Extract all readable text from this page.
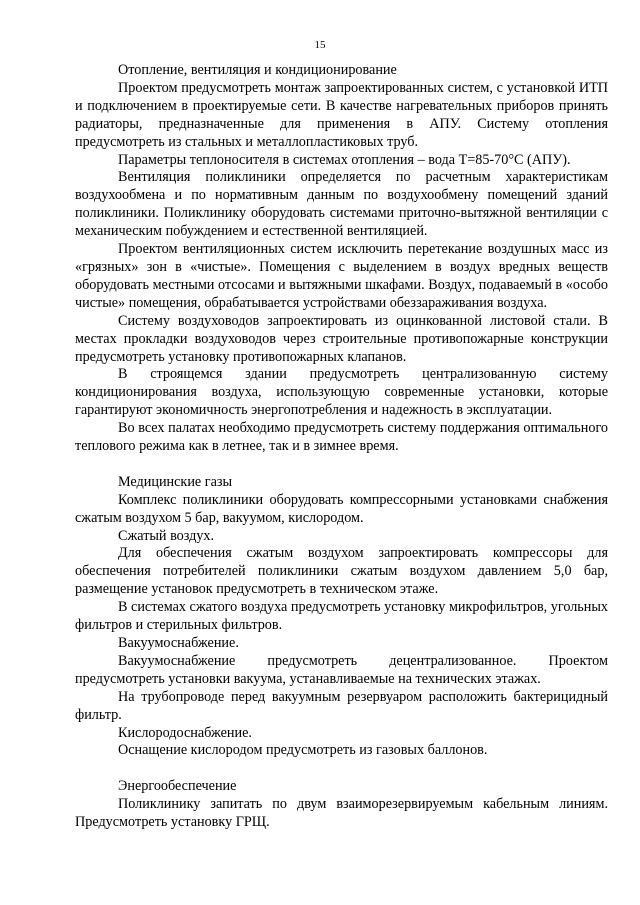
15

Отопление, вентиляция и кондиционирование

Проектом предусмотреть монтаж запроектированных систем, с установкой ИТП и подключением в проектируемые сети. В качестве нагревательных приборов принять радиаторы, предназначенные для применения в АПУ. Систему отопления предусмотреть из стальных и металлопластиковых труб.

Параметры теплоносителя в системах отопления – вода Т=85-70°С (АПУ).

Вентиляция поликлиники определяется по расчетным характеристикам воздухообмена и по нормативным данным по воздухообмену помещений зданий поликлиники. Поликлинику оборудовать системами приточно-вытяжной вентиляции с механическим побуждением и естественной вентиляцией.

Проектом вентиляционных систем исключить перетекание воздушных масс из «грязных» зон в «чистые». Помещения с выделением в воздух вредных веществ оборудовать местными отсосами и вытяжными шкафами. Воздух, подаваемый в «особо чистые» помещения, обрабатывается устройствами обеззараживания воздуха.

Систему воздуховодов запроектировать из оцинкованной листовой стали. В местах прокладки воздуховодов через строительные противопожарные конструкции предусмотреть установку противопожарных клапанов.

В строящемся здании предусмотреть централизованную систему кондиционирования воздуха, использующую современные установки, которые гарантируют экономичность энергопотребления и надежность в эксплуатации.

Во всех палатах необходимо предусмотреть систему поддержания оптимального теплового режима как в летнее, так и в зимнее время.

Медицинские газы

Комплекс поликлиники оборудовать компрессорными установками снабжения сжатым воздухом 5 бар, вакуумом, кислородом.

Сжатый воздух.

Для обеспечения сжатым воздухом запроектировать компрессоры для обеспечения потребителей поликлиники сжатым воздухом давлением 5,0 бар, размещение установок предусмотреть в техническом этаже.

В системах сжатого воздуха предусмотреть установку микрофильтров, угольных фильтров и стерильных фильтров.

Вакуумоснабжение.

Вакуумоснабжение предусмотреть децентрализованное. Проектом предусмотреть установки вакуума, устанавливаемые на технических этажах.

На трубопроводе перед вакуумным резервуаром расположить бактерицидный фильтр.

Кислородоснабжение.

Оснащение кислородом предусмотреть из газовых баллонов.

Энергообеспечение

Поликлинику запитать по двум взаиморезервируемым кабельным линиям. Предусмотреть установку ГРЩ.
